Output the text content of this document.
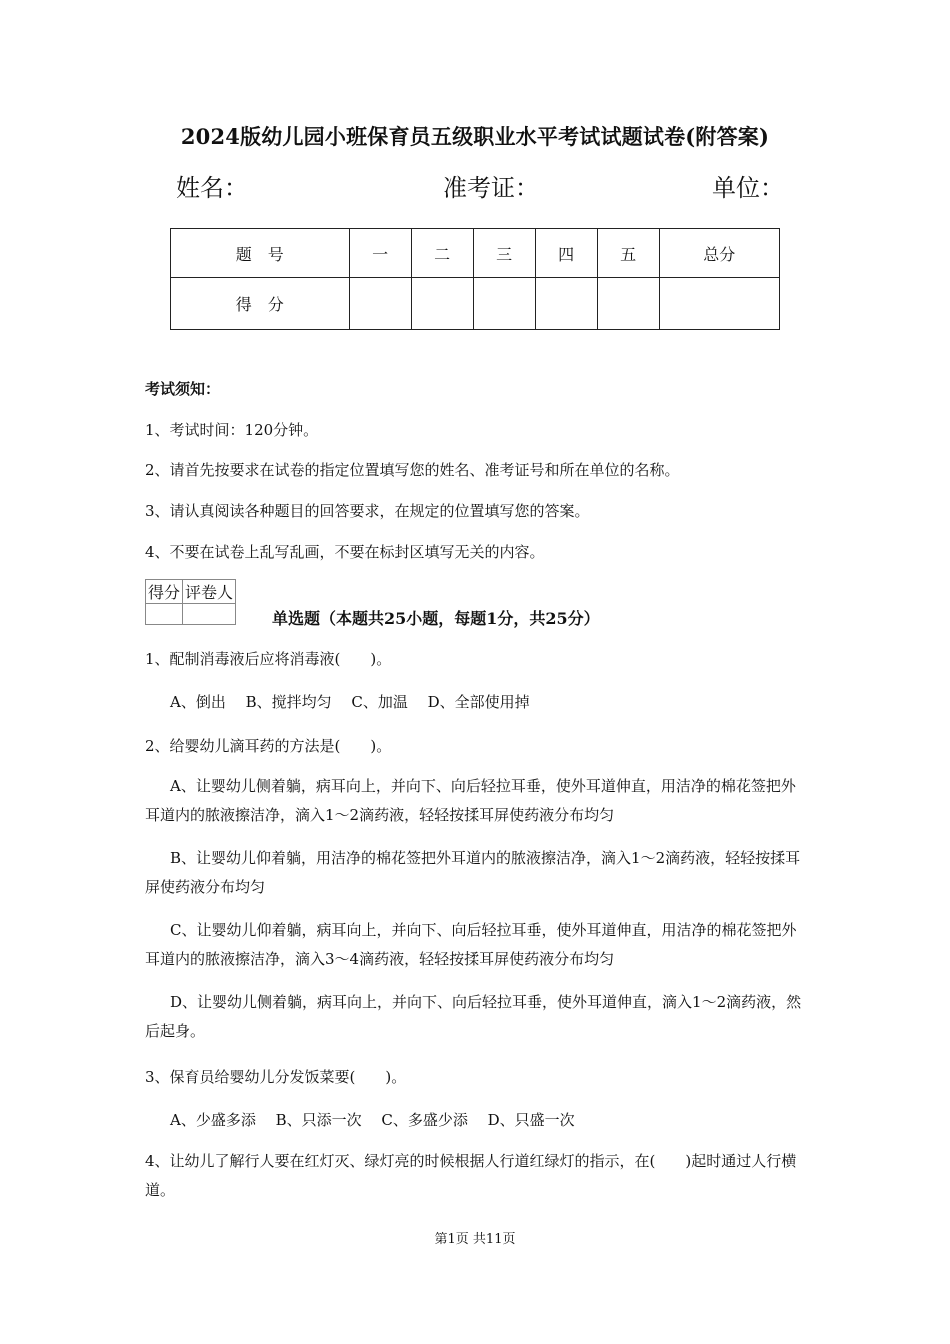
2024版幼儿园小班保育员五级职业水平考试试题试卷(附答案)
姓名：	准考证：	单位：
题　号	一	二	三	四	五	总分
得　分						
考试须知：
1、考试时间：120分钟。
2、请首先按要求在试卷的指定位置填写您的姓名、准考证号和所在单位的名称。
3、请认真阅读各种题目的回答要求，在规定的位置填写您的答案。
4、不要在试卷上乱写乱画，不要在标封区填写无关的内容。
得分	评卷人

单选题（本题共25小题，每题1分，共25分）
1、配制消毒液后应将消毒液(　　)。
A、倒出　 B、搅拌均匀　 C、加温　 D、全部使用掉
2、给婴幼儿滴耳药的方法是(　　)。
A、让婴幼儿侧着躺，病耳向上，并向下、向后轻拉耳垂，使外耳道伸直，用洁净的棉花签把外耳道内的脓液擦洁净，滴入1～2滴药液，轻轻按揉耳屏使药液分布均匀
B、让婴幼儿仰着躺，用洁净的棉花签把外耳道内的脓液擦洁净，滴入1～2滴药液，轻轻按揉耳屏使药液分布均匀
C、让婴幼儿仰着躺，病耳向上，并向下、向后轻拉耳垂，使外耳道伸直，用洁净的棉花签把外耳道内的脓液擦洁净，滴入3～4滴药液，轻轻按揉耳屏使药液分布均匀
D、让婴幼儿侧着躺，病耳向上，并向下、向后轻拉耳垂，使外耳道伸直，滴入1～2滴药液，然后起身。
3、保育员给婴幼儿分发饭菜要(　　)。
A、少盛多添　 B、只添一次　 C、多盛少添　 D、只盛一次
4、让幼儿了解行人要在红灯灭、绿灯亮的时候根据人行道红绿灯的指示，在(　　)起时通过人行横道。
第1页 共11页
